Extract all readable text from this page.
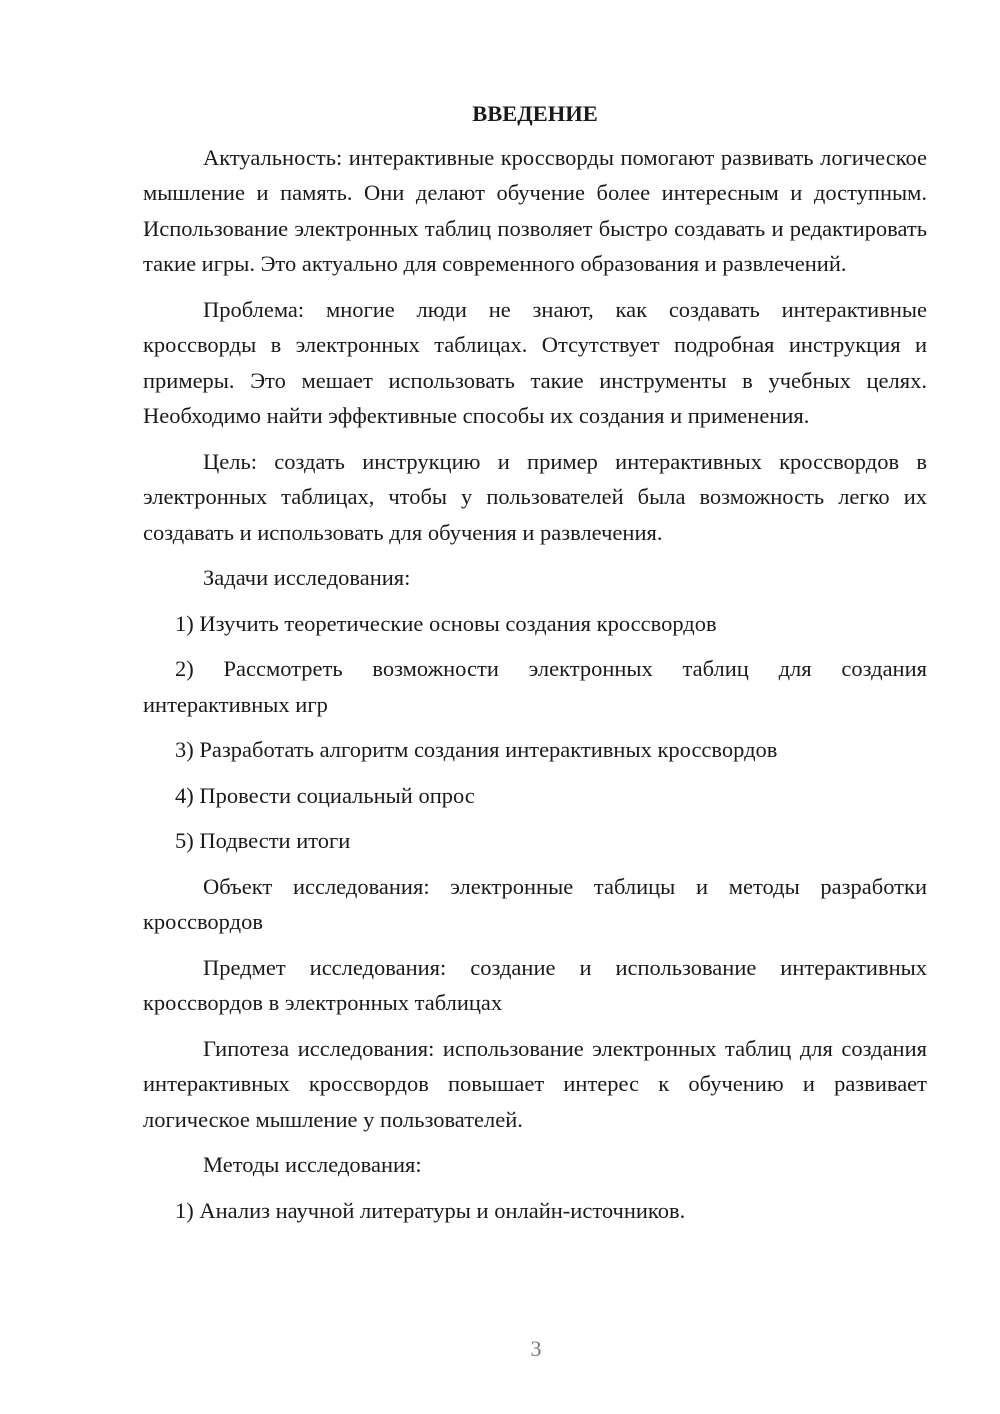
ВВЕДЕНИЕ

Актуальность: интерактивные кроссворды помогают развивать логическое мышление и память. Они делают обучение более интересным и доступным. Использование электронных таблиц позволяет быстро создавать и редактировать такие игры. Это актуально для современного образования и развлечений.

Проблема: многие люди не знают, как создавать интерактивные кроссворды в электронных таблицах. Отсутствует подробная инструкция и примеры. Это мешает использовать такие инструменты в учебных целях. Необходимо найти эффективные способы их создания и применения.

Цель: создать инструкцию и пример интерактивных кроссвордов в электронных таблицах, чтобы у пользователей была возможность легко их создавать и использовать для обучения и развлечения.

Задачи исследования:

1) Изучить теоретические основы создания кроссвордов

2) Рассмотреть возможности электронных таблиц для создания интерактивных игр

3) Разработать алгоритм создания интерактивных кроссвордов

4) Провести социальный опрос

5) Подвести итоги

Объект исследования: электронные таблицы и методы разработки кроссвордов

Предмет исследования: создание и использование интерактивных кроссвордов в электронных таблицах

Гипотеза исследования: использование электронных таблиц для создания интерактивных кроссвордов повышает интерес к обучению и развивает логическое мышление у пользователей.

Методы исследования:

1) Анализ научной литературы и онлайн-источников.

3
